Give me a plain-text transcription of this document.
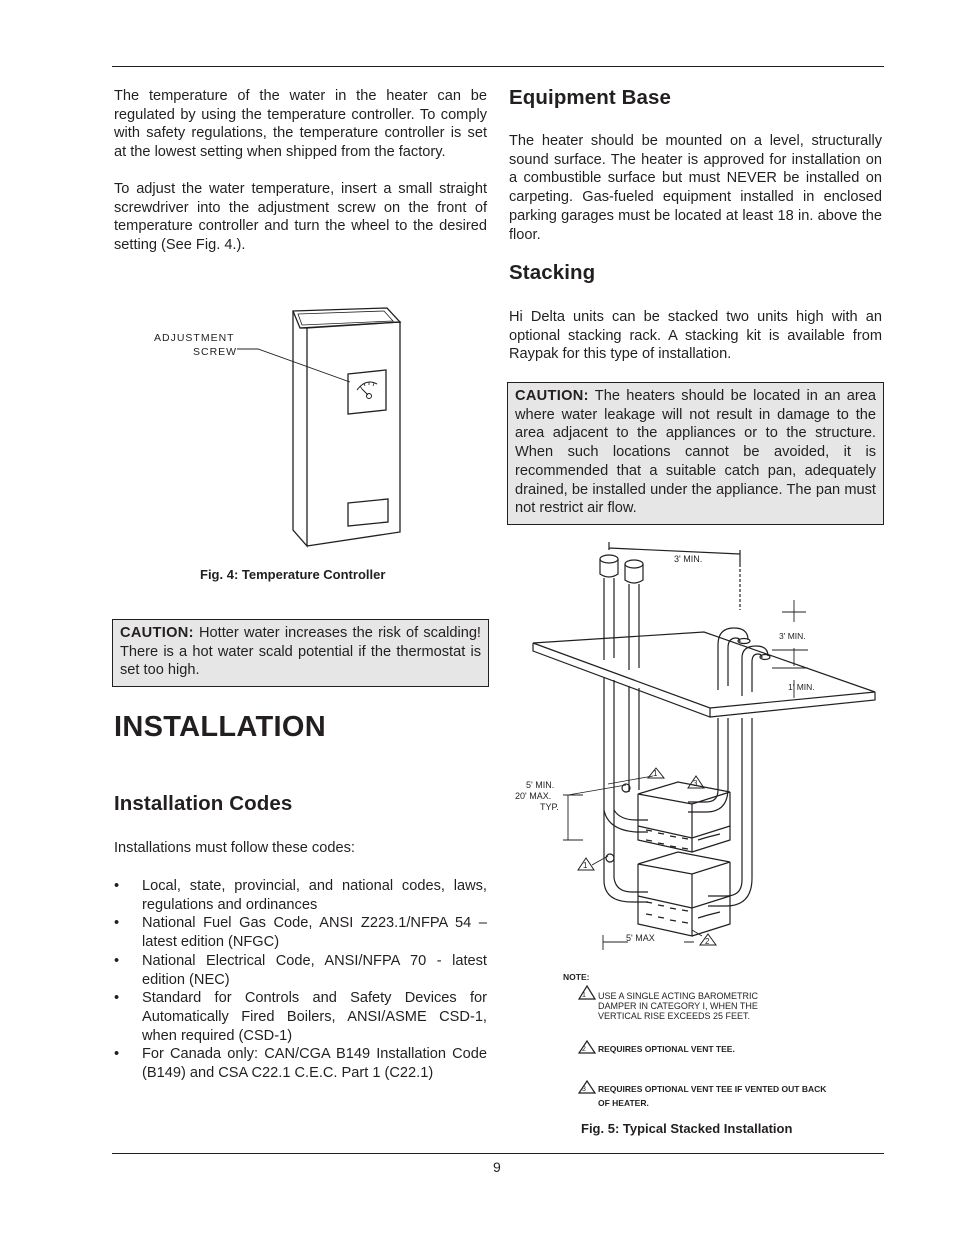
The temperature of the water in the heater can be regulated by using the temperature controller. To comply with safety regulations, the temperature controller is set at the lowest setting when shipped from the factory.

To adjust the water temperature, insert a small straight screwdriver into the adjustment screw on the front of temperature controller and turn the wheel to the desired setting (See Fig. 4.).

ADJUSTMENT
SCREW
Fig. 4: Temperature Controller
CAUTION: Hotter water increases the risk of scalding! There is a hot water scald potential if the thermostat is set too high.
INSTALLATION
Installation Codes

Installations must follow these codes:

• Local, state, provincial, and national codes, laws, regulations and ordinances
• National Fuel Gas Code, ANSI Z223.1/NFPA 54 – latest edition (NFGC)
• National Electrical Code, ANSI/NFPA 70 - latest edition (NEC)
• Standard for Controls and Safety Devices for Automatically Fired Boilers, ANSI/ASME CSD-1, when required (CSD-1)
• For Canada only: CAN/CGA B149 Installation Code (B149) and CSA C22.1 C.E.C. Part 1 (C22.1)
Equipment Base

The heater should be mounted on a level, structurally sound surface. The heater is approved for installation on a combustible surface but must NEVER be installed on carpeting. Gas-fueled equipment installed in enclosed parking garages must be located at least 18 in. above the floor.

Stacking

Hi Delta units can be stacked two units high with an optional stacking rack. A stacking kit is available from Raypak for this type of installation.

CAUTION: The heaters should be located in an area where water leakage will not result in damage to the area adjacent to the appliances or to the structure. When such locations cannot be avoided, it is recommended that a suitable catch pan, adequately drained, be installed under the appliance. The pan must not restrict air flow.
3' MIN.
3' MIN.
1' MIN.
5' MIN.
20' MAX.
TYP.
5' MAX
1
3
1
2
NOTE:
1 USE A SINGLE ACTING BAROMETRIC
DAMPER IN CATEGORY I, WHEN THE
VERTICAL RISE EXCEEDS 25 FEET.
2 REQUIRES OPTIONAL VENT TEE.
3 REQUIRES OPTIONAL VENT TEE IF VENTED OUT BACK
OF HEATER.
Fig. 5: Typical Stacked Installation
9
